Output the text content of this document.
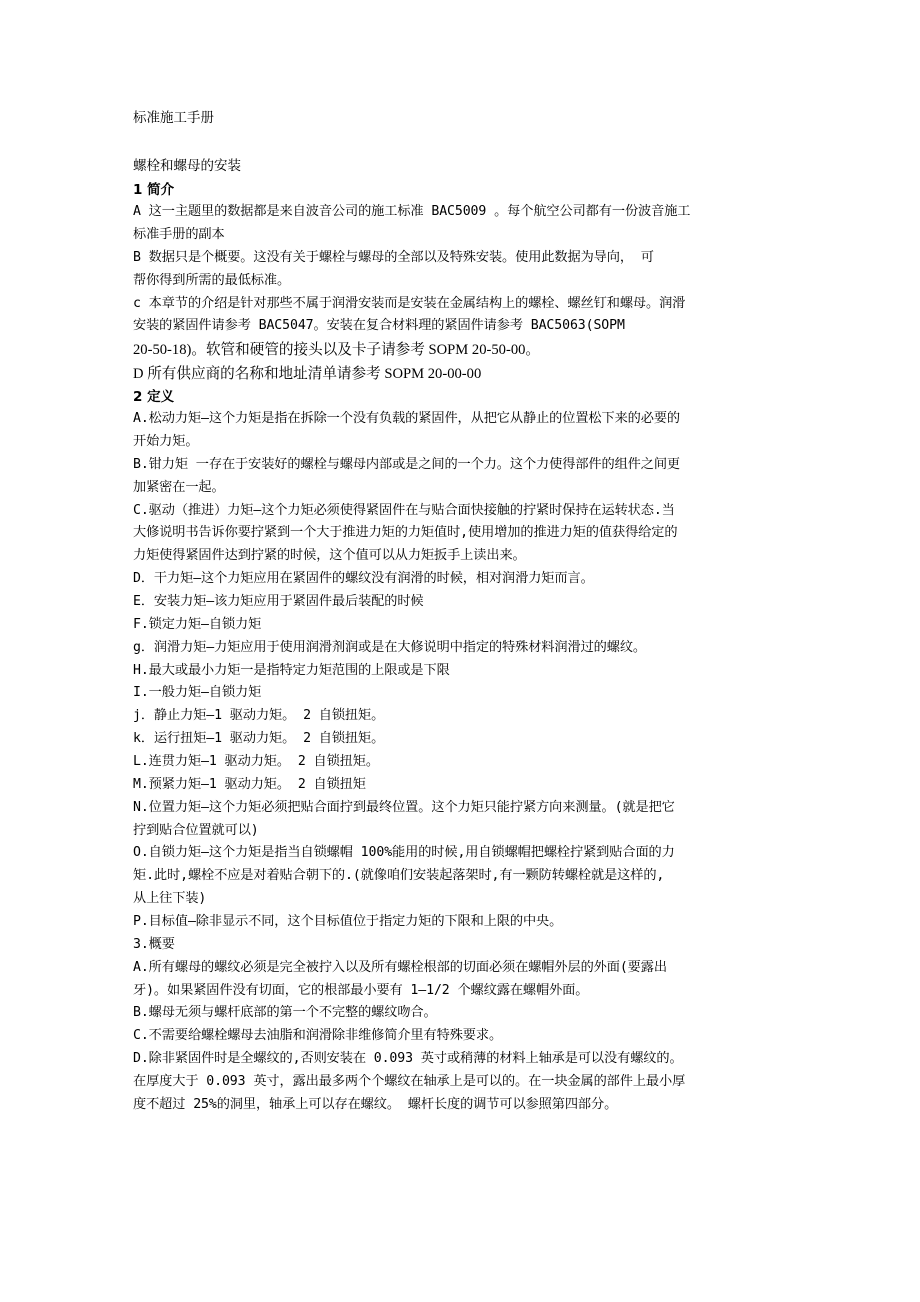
标准施工手册

螺栓和螺母的安装

1 简介

A 这一主题里的数据都是来自波音公司的施工标准 BAC5009 。每个航空公司都有一份波音施工

标准手册的副本

B 数据只是个概要。这没有关于螺栓与螺母的全部以及特殊安装。使用此数据为导向， 可

帮你得到所需的最低标准。

c 本章节的介绍是针对那些不属于润滑安装而是安装在金属结构上的螺栓、螺丝钉和螺母。润滑

安装的紧固件请参考 BAC5047。安装在复合材料理的紧固件请参考 BAC5063(SOPM

20-50-18)。软管和硬管的接头以及卡子请参考 SOPM 20-50-00。

D 所有供应商的名称和地址清单请参考 SOPM 20-00-00

2 定义

A.松动力矩–这个力矩是指在拆除一个没有负载的紧固件，从把它从静止的位置松下来的必要的

开始力矩。

B.钳力矩 一存在于安装好的螺栓与螺母内部或是之间的一个力。这个力使得部件的组件之间更

加紧密在一起。

C.驱动（推进）力矩–这个力矩必须使得紧固件在与贴合面快接触的拧紧时保持在运转状态.当

大修说明书告诉你要拧紧到一个大于推进力矩的力矩值时,使用增加的推进力矩的值获得给定的

力矩使得紧固件达到拧紧的时候，这个值可以从力矩扳手上读出来。

D．干力矩–这个力矩应用在紧固件的螺纹没有润滑的时候，相对润滑力矩而言。

E．安装力矩–该力矩应用于紧固件最后装配的时候

F.锁定力矩–自锁力矩

g．润滑力矩–力矩应用于使用润滑剂润或是在大修说明中指定的特殊材料润滑过的螺纹。

H.最大或最小力矩一是指特定力矩范围的上限或是下限

I.一般力矩–自锁力矩

j．静止力矩—1 驱动力矩。 2 自锁扭矩。

k．运行扭矩–1 驱动力矩。 2 自锁扭矩。

L.连贯力矩—1 驱动力矩。 2 自锁扭矩。

M.预紧力矩—1 驱动力矩。 2 自锁扭矩

N.位置力矩—这个力矩必须把贴合面拧到最终位置。这个力矩只能拧紧方向来测量。(就是把它

拧到贴合位置就可以)

O.自锁力矩—这个力矩是指当自锁螺帽 100%能用的时候,用自锁螺帽把螺栓拧紧到贴合面的力

矩.此时,螺栓不应是对着贴合朝下的.(就像咱们安装起落架时,有一颗防转螺栓就是这样的,

从上往下装)

P.目标值—除非显示不同，这个目标值位于指定力矩的下限和上限的中央。

3.概要

A.所有螺母的螺纹必须是完全被拧入以及所有螺栓根部的切面必须在螺帽外层的外面(要露出

牙)。如果紧固件没有切面，它的根部最小要有 1–1/2 个螺纹露在螺帽外面。

B.螺母无须与螺杆底部的第一个不完整的螺纹吻合。

C.不需要给螺栓螺母去油脂和润滑除非维修简介里有特殊要求。

D.除非紧固件时是全螺纹的,否则安装在 0.093 英寸或稍薄的材料上轴承是可以没有螺纹的。

在厚度大于 0.093 英寸，露出最多两个个螺纹在轴承上是可以的。在一块金属的部件上最小厚

度不超过 25%的洞里，轴承上可以存在螺纹。 螺杆长度的调节可以参照第四部分。
